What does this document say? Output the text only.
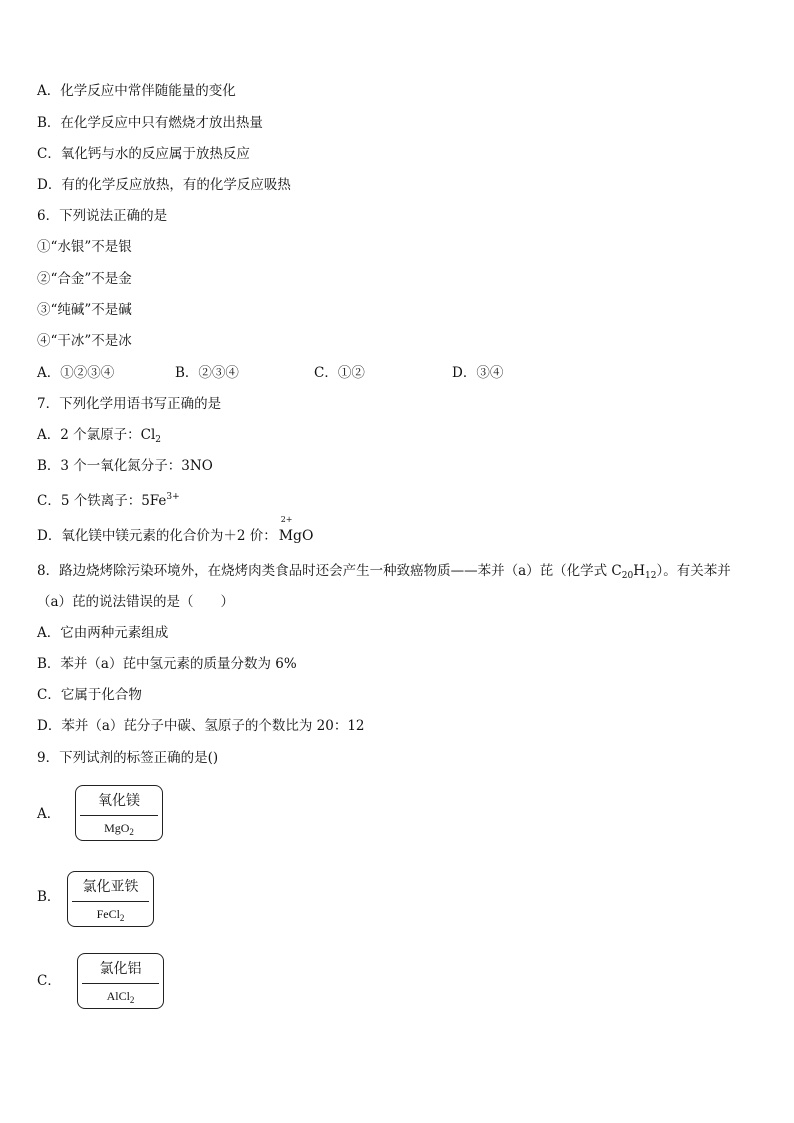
A．化学反应中常伴随能量的变化
B．在化学反应中只有燃烧才放出热量
C．氧化钙与水的反应属于放热反应
D．有的化学反应放热，有的化学反应吸热
6．下列说法正确的是
①“水银”不是银
②“合金”不是金
③“纯碱”不是碱
④“干冰”不是冰
A．①②③④	B．②③④	C．①②	D．③④
7．下列化学用语书写正确的是
A．2 个氯原子：$Cl_2$
B．3 个一氧化氮分子：3NO
C．5 个铁离子：$5Fe^{3+}$
D．氧化镁中镁元素的化合价为＋2 价：
2+
MgO
8．路边烧烤除污染环境外，在烧烤肉类食品时还会产生一种致癌物质——苯并（a）芘（化学式 $C_{20}H_{12}$）。有关苯并
（a）芘的说法错误的是（　　）
A．它由两种元素组成
B．苯并（a）芘中氢元素的质量分数为 6%
C．它属于化合物
D．苯并（a）芘分子中碳、氢原子的个数比为 20：12
9．下列试剂的标签正确的是()
A．
氧化镁
MgO$_2$
B．
氯化亚铁
FeCl$_2$
C．
氯化铝
AlCl$_2$
